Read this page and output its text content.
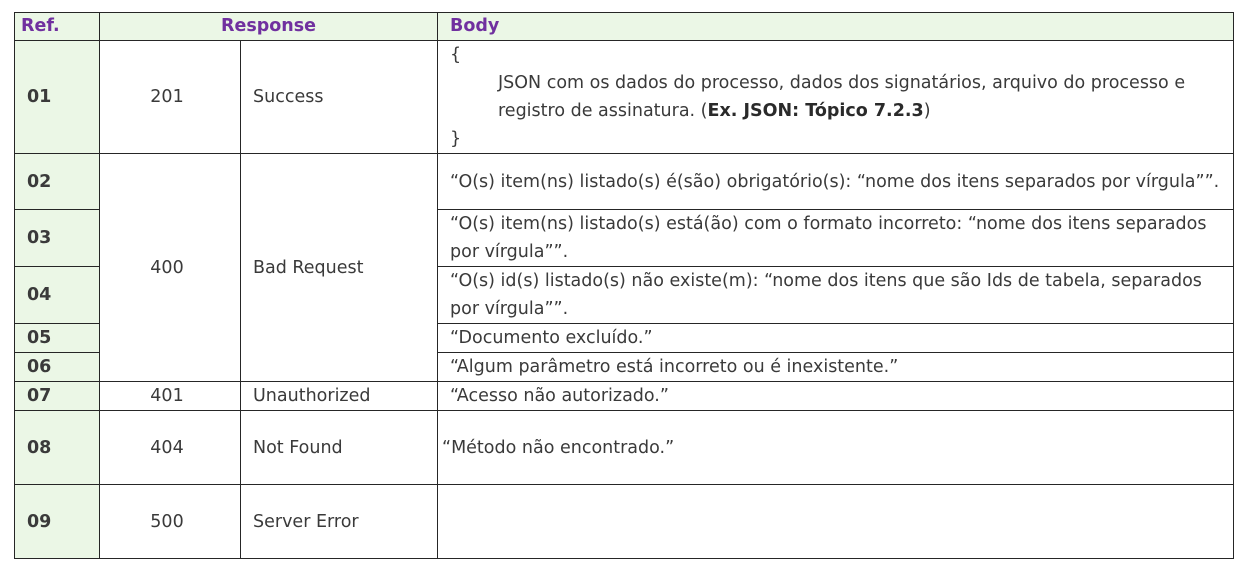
Ref.	Response		Body
01	201	Success	{
JSON com os dados do processo, dados dos signatários, arquivo do processo e registro de assinatura. (Ex. JSON: Tópico 7.2.3)
}

02	400	Bad Request	“O(s) item(ns) listado(s) é(são) obrigatório(s): “nome dos itens separados por vírgula””.
03			“O(s) item(ns) listado(s) está(ão) com o formato incorreto: “nome dos itens separados por vírgula””.
04			“O(s) id(s) listado(s) não existe(m): “nome dos itens que são Ids de tabela, separados por vírgula””.
05			“Documento excluído.”
06			“Algum parâmetro está incorreto ou é inexistente.”
07	401	Unauthorized	“Acesso não autorizado.”
08	404	Not Found	“Método não encontrado.”
09	500	Server Error	
